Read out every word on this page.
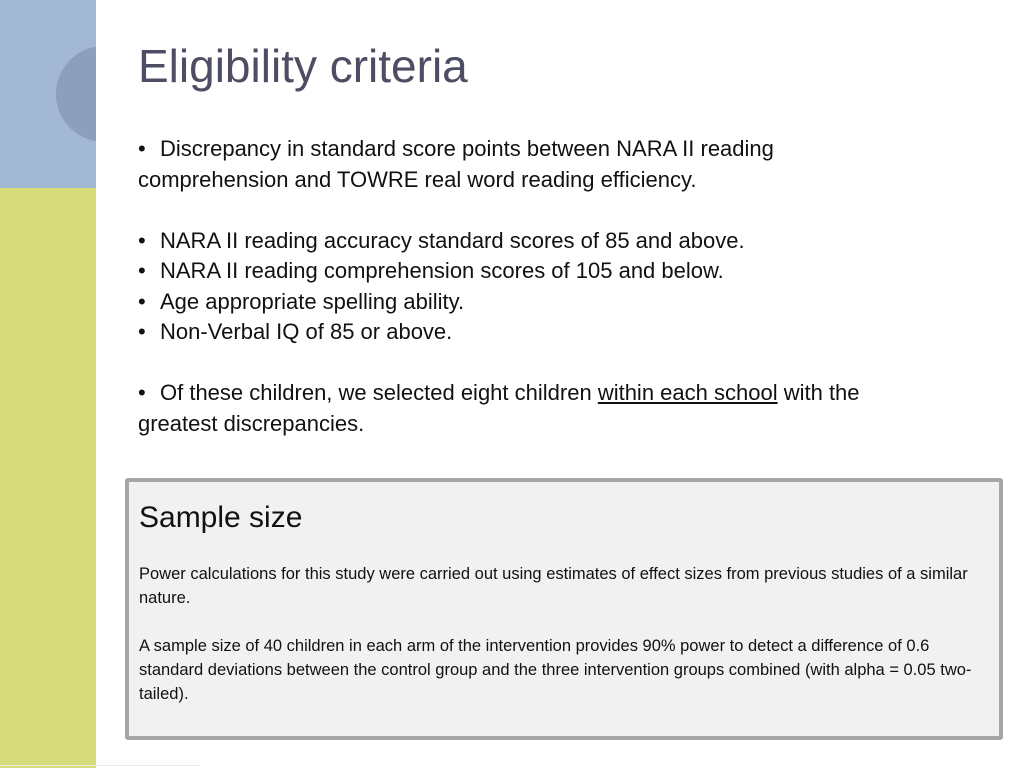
Eligibility criteria

• Discrepancy in standard score points between NARA II reading comprehension and TOWRE real word reading efficiency.

• NARA II reading accuracy standard scores of 85 and above.

• NARA II reading comprehension scores of 105 and below.

• Age appropriate spelling ability.

• Non-Verbal IQ of 85 or above.

• Of these children, we selected eight children within each school with the greatest discrepancies.

Sample size

Power calculations for this study were carried out using estimates of effect sizes from previous studies of a similar nature.

A sample size of 40 children in each arm of the intervention provides 90% power to detect a difference of 0.6 standard deviations between the control group and the three intervention groups combined (with alpha = 0.05 two-tailed).
